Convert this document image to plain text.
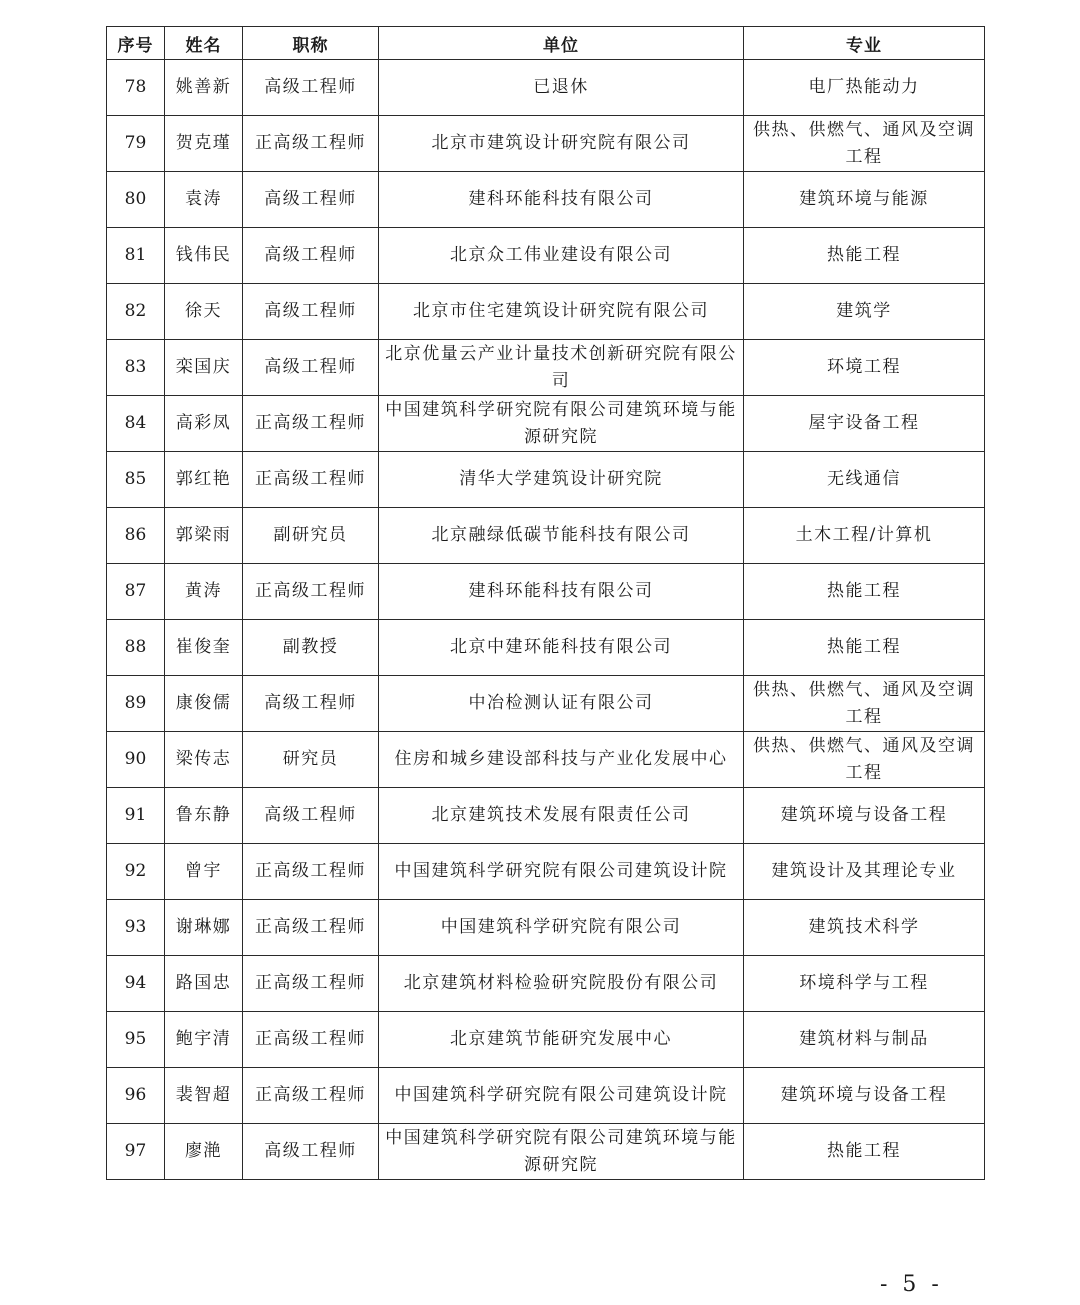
序号	姓名	职称	单位	专业
78	姚善新	高级工程师	已退休	电厂热能动力
79	贺克瑾	正高级工程师	北京市建筑设计研究院有限公司	供热、供燃气、通风及空调工程
80	袁涛	高级工程师	建科环能科技有限公司	建筑环境与能源
81	钱伟民	高级工程师	北京众工伟业建设有限公司	热能工程
82	徐天	高级工程师	北京市住宅建筑设计研究院有限公司	建筑学
83	栾国庆	高级工程师	北京优量云产业计量技术创新研究院有限公司	环境工程
84	高彩凤	正高级工程师	中国建筑科学研究院有限公司建筑环境与能源研究院	屋宇设备工程
85	郭红艳	正高级工程师	清华大学建筑设计研究院	无线通信
86	郭梁雨	副研究员	北京融绿低碳节能科技有限公司	土木工程/计算机
87	黄涛	正高级工程师	建科环能科技有限公司	热能工程
88	崔俊奎	副教授	北京中建环能科技有限公司	热能工程
89	康俊儒	高级工程师	中冶检测认证有限公司	供热、供燃气、通风及空调工程
90	梁传志	研究员	住房和城乡建设部科技与产业化发展中心	供热、供燃气、通风及空调工程
91	鲁东静	高级工程师	北京建筑技术发展有限责任公司	建筑环境与设备工程
92	曾宇	正高级工程师	中国建筑科学研究院有限公司建筑设计院	建筑设计及其理论专业
93	谢琳娜	正高级工程师	中国建筑科学研究院有限公司	建筑技术科学
94	路国忠	正高级工程师	北京建筑材料检验研究院股份有限公司	环境科学与工程
95	鲍宇清	正高级工程师	北京建筑节能研究发展中心	建筑材料与制品
96	裴智超	正高级工程师	中国建筑科学研究院有限公司建筑设计院	建筑环境与设备工程
97	廖滟	高级工程师	中国建筑科学研究院有限公司建筑环境与能源研究院	热能工程
- 5 -
